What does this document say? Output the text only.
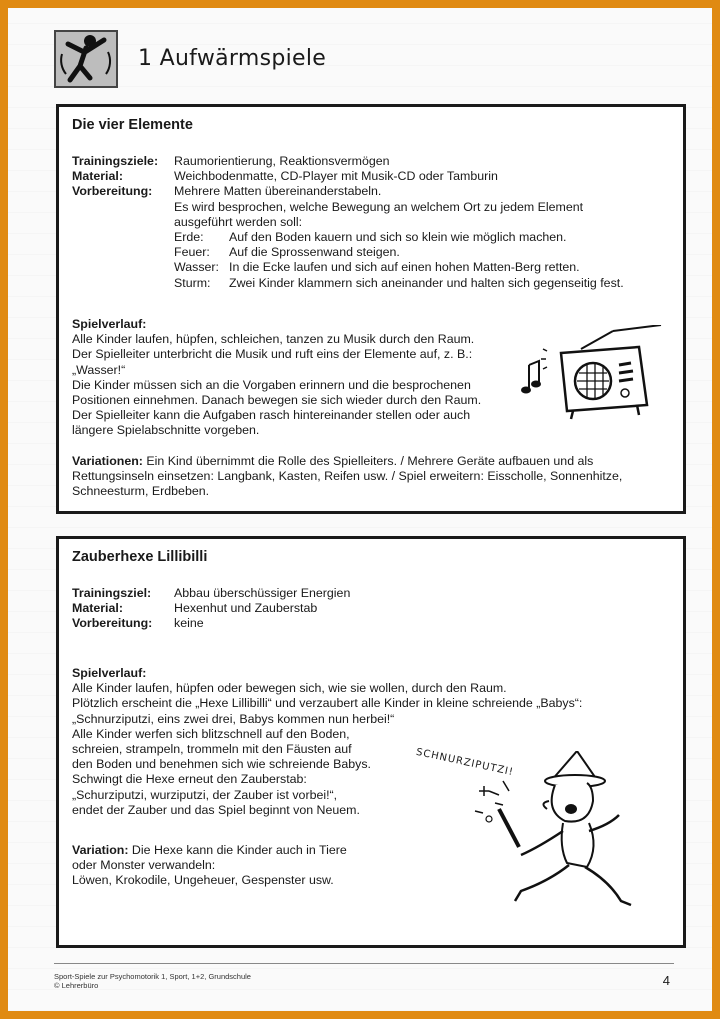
1 Aufwärmspiele
Die vier Elemente
Trainingsziele:	Raumorientierung, Reaktionsvermögen
Material:	Weichbodenmatte, CD-Player mit Musik-CD oder Tamburin
Vorbereitung:	Mehrere Matten übereinanderstabeln.
Es wird besprochen, welche Bewegung an welchem Ort zu jedem Element
ausgeführt werden soll:
Erde:	Auf den Boden kauern und sich so klein wie möglich machen.
Feuer:	Auf die Sprossenwand steigen.
Wasser: In die Ecke laufen und sich auf einen hohen Matten-Berg retten.
Sturm:	Zwei Kinder klammern sich aneinander und halten sich gegenseitig fest.
Spielverlauf:
Alle Kinder laufen, hüpfen, schleichen, tanzen zu Musik durch den Raum.
Der Spielleiter unterbricht die Musik und ruft eins der Elemente auf, z. B.:
„Wasser!“
Die Kinder müssen sich an die Vorgaben erinnern und die besprochenen
Positionen einnehmen. Danach bewegen sie sich wieder durch den Raum.
Der Spielleiter kann die Aufgaben rasch hintereinander stellen oder auch
längere Spielabschnitte vorgeben.
Variationen: Ein Kind übernimmt die Rolle des Spielleiters. / Mehrere Geräte aufbauen und als Rettungsinseln einsetzen: Langbank, Kasten, Reifen usw. / Spiel erweitern: Eisscholle, Sonnenhitze, Schneesturm, Erdbeben.
Zauberhexe Lillibilli
Trainingsziel:	Abbau überschüssiger Energien
Material:	Hexenhut und Zauberstab
Vorbereitung:	keine
Spielverlauf:
Alle Kinder laufen, hüpfen oder bewegen sich, wie sie wollen, durch den Raum.
Plötzlich erscheint die „Hexe Lillibilli“ und verzaubert alle Kinder in kleine schreiende „Babys“:
„Schnurziputzi, eins zwei drei, Babys kommen nun herbei!“
Alle Kinder werfen sich blitzschnell auf den Boden,
schreien, strampeln, trommeln mit den Fäusten auf
den Boden und benehmen sich wie schreiende Babys.
Schwingt die Hexe erneut den Zauberstab:
„Schurziputzi, wurziputzi, der Zauber ist vorbei!“,
endet der Zauber und das Spiel beginnt von Neuem.
Variation: Die Hexe kann die Kinder auch in Tiere
oder Monster verwandeln:
Löwen, Krokodile, Ungeheuer, Gespenster usw.
SCHNURZIPUTZI!
Sport-Spiele zur Psychomotorik 1, Sport, 1+2, Grundschule
© Lehrerbüro	4
